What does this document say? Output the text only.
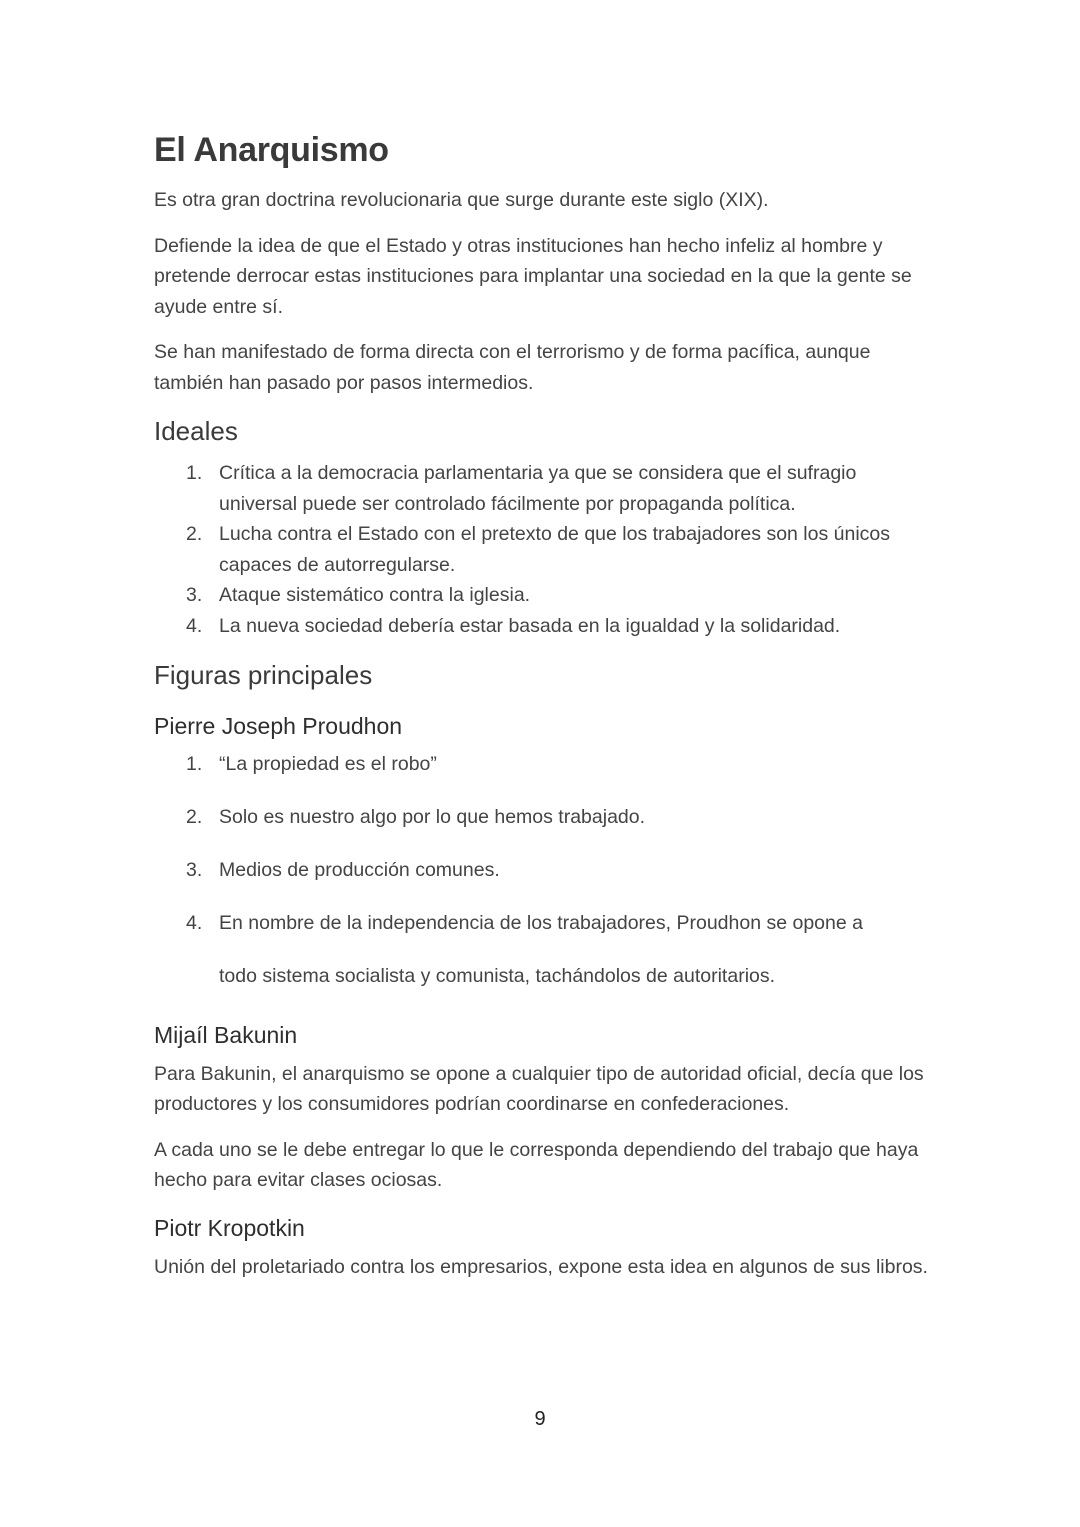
El Anarquismo

Es otra gran doctrina revolucionaria que surge durante este siglo (XIX).

Defiende la idea de que el Estado y otras instituciones han hecho infeliz al hombre y pretende derrocar estas instituciones para implantar una sociedad en la que la gente se ayude entre sí.

Se han manifestado de forma directa con el terrorismo y de forma pacífica, aunque también han pasado por pasos intermedios.

Ideales
1. Crítica a la democracia parlamentaria ya que se considera que el sufragio universal puede ser controlado fácilmente por propaganda política.
2. Lucha contra el Estado con el pretexto de que los trabajadores son los únicos capaces de autorregularse.
3. Ataque sistemático contra la iglesia.
4. La nueva sociedad debería estar basada en la igualdad y la solidaridad.
Figuras principales
Pierre Joseph Proudhon
1. “La propiedad es el robo”
2. Solo es nuestro algo por lo que hemos trabajado.
3. Medios de producción comunes.
4. En nombre de la independencia de los trabajadores, Proudhon se opone a
todo sistema socialista y comunista, tachándolos de autoritarios.
Mijaíl Bakunin

Para Bakunin, el anarquismo se opone a cualquier tipo de autoridad oficial, decía que los productores y los consumidores podrían coordinarse en confederaciones.

A cada uno se le debe entregar lo que le corresponda dependiendo del trabajo que haya hecho para evitar clases ociosas.

Piotr Kropotkin

Unión del proletariado contra los empresarios, expone esta idea en algunos de sus libros.

9
